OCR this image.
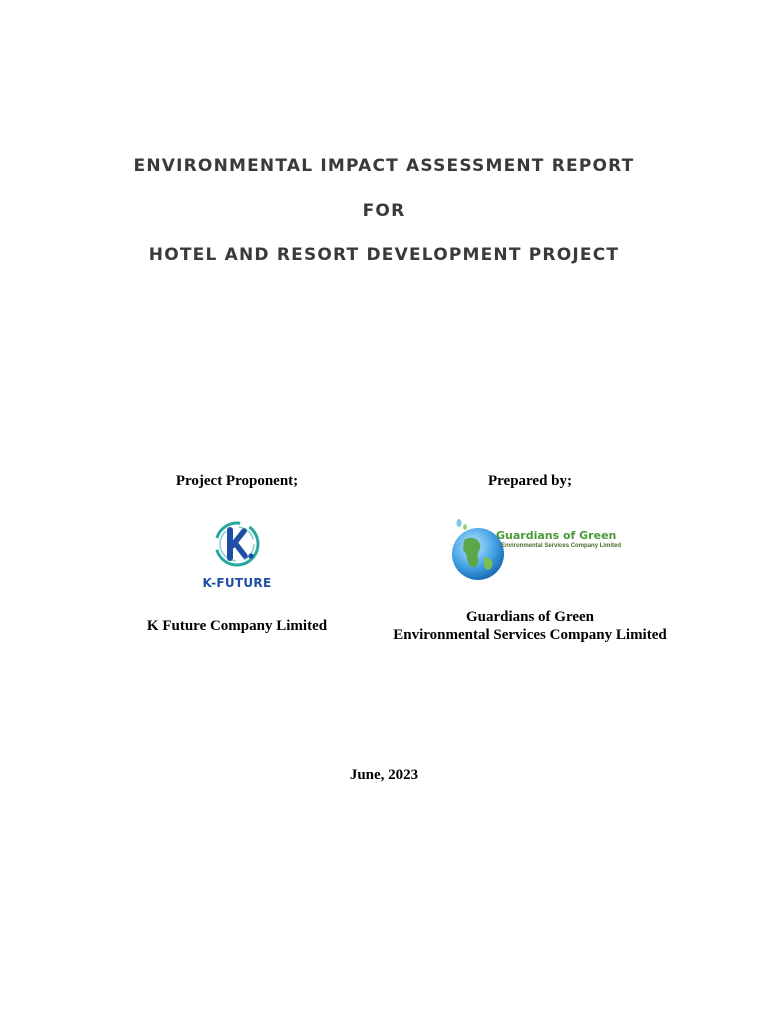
ENVIRONMENTAL IMPACT ASSESSMENT REPORT
FOR
HOTEL AND RESORT DEVELOPMENT PROJECT

Project Proponent;

K-FUTURE

K Future Company Limited

Prepared by;

Guardians of Green
Environmental Services Company Limited
Guardians of Green
Environmental Services Company Limited

June, 2023
